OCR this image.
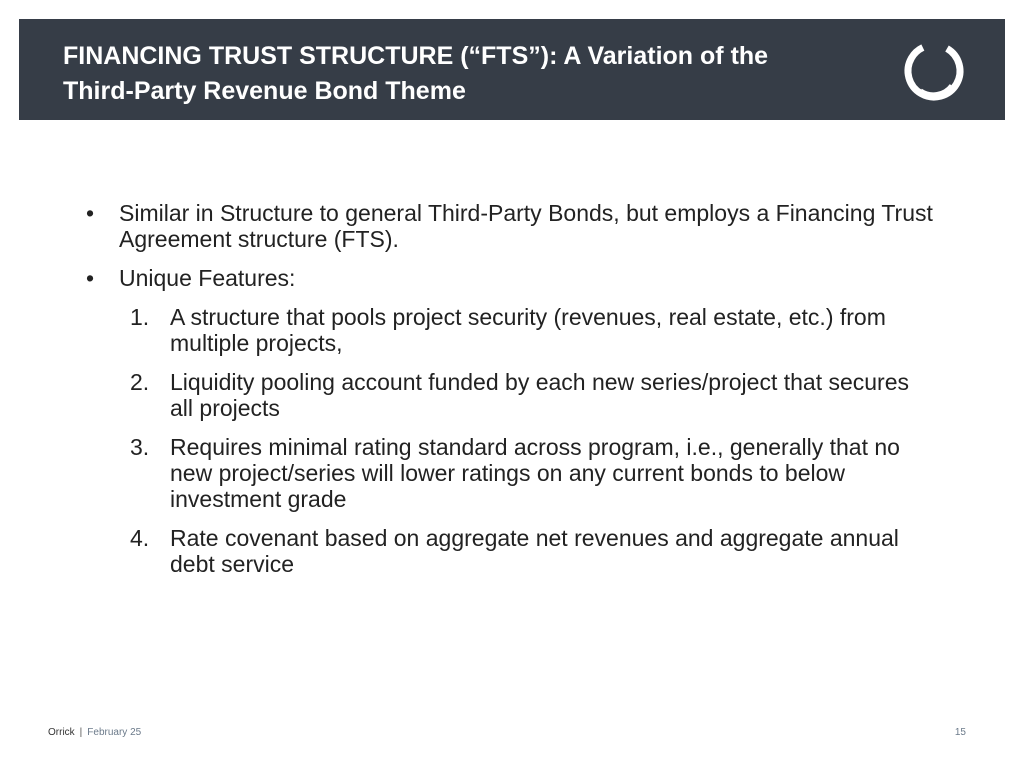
FINANCING TRUST STRUCTURE (“FTS”): A Variation of the
Third-Party Revenue Bond Theme
• Similar in Structure to general Third-Party Bonds, but employs a Financing Trust Agreement structure (FTS).
• Unique Features:
1. A structure that pools project security (revenues, real estate, etc.) from multiple projects,
2. Liquidity pooling account funded by each new series/project that secures all projects
3. Requires minimal rating standard across program, i.e., generally that no new project/series will lower ratings on any current bonds to below investment grade
4. Rate covenant based on aggregate net revenues and aggregate annual debt service
Orrick | February 25	15
